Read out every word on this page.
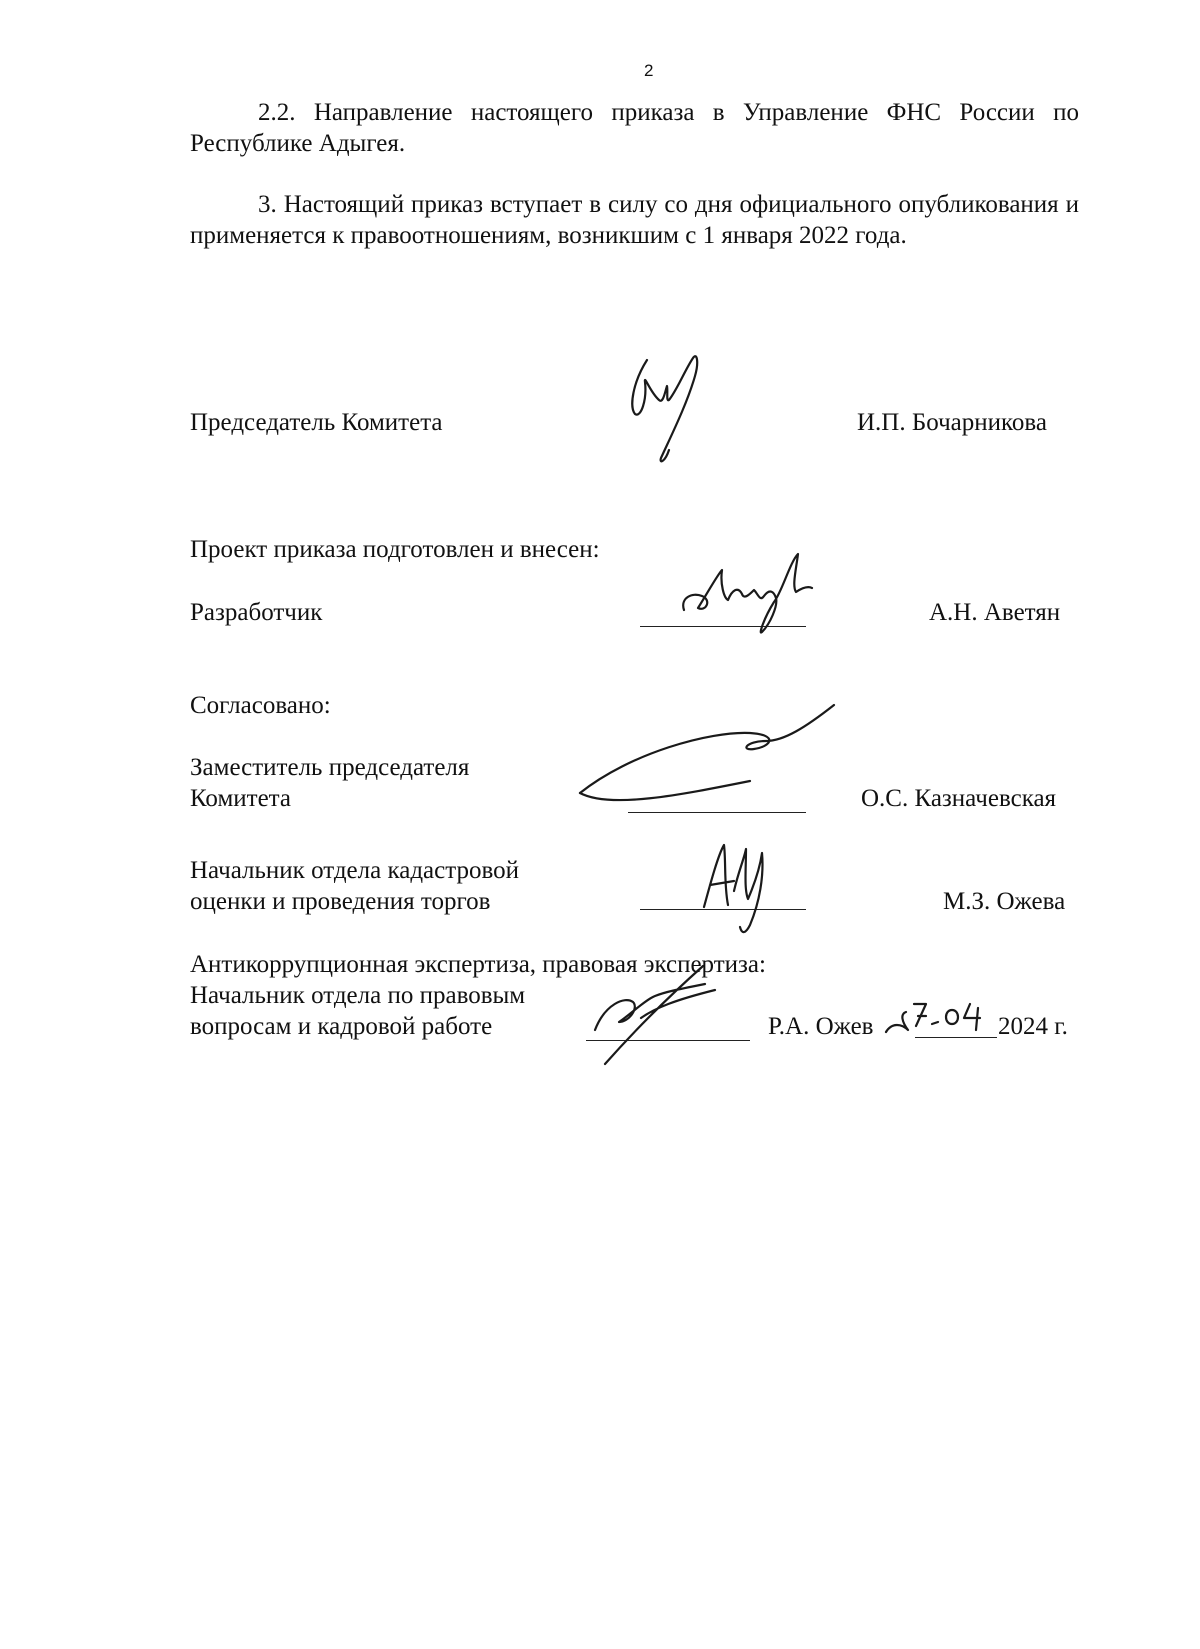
2
2.2. Направление настоящего приказа в Управление ФНС России по Республике Адыгея.
3. Настоящий приказ вступает в силу со дня официального опубликования и применяется к правоотношениям, возникшим с 1 января 2022 года.
Председатель Комитета	И.П. Бочарникова
Проект приказа подготовлен и внесен:
Разработчик	А.Н. Аветян
Согласовано:
Заместитель председателя
Комитета	О.С. Казначевская
Начальник отдела кадастровой
оценки и проведения торгов	М.З. Ожева
Антикоррупционная экспертиза, правовая экспертиза:
Начальник отдела по правовым
вопросам и кадровой работе	Р.А. Ожев	2024 г.
